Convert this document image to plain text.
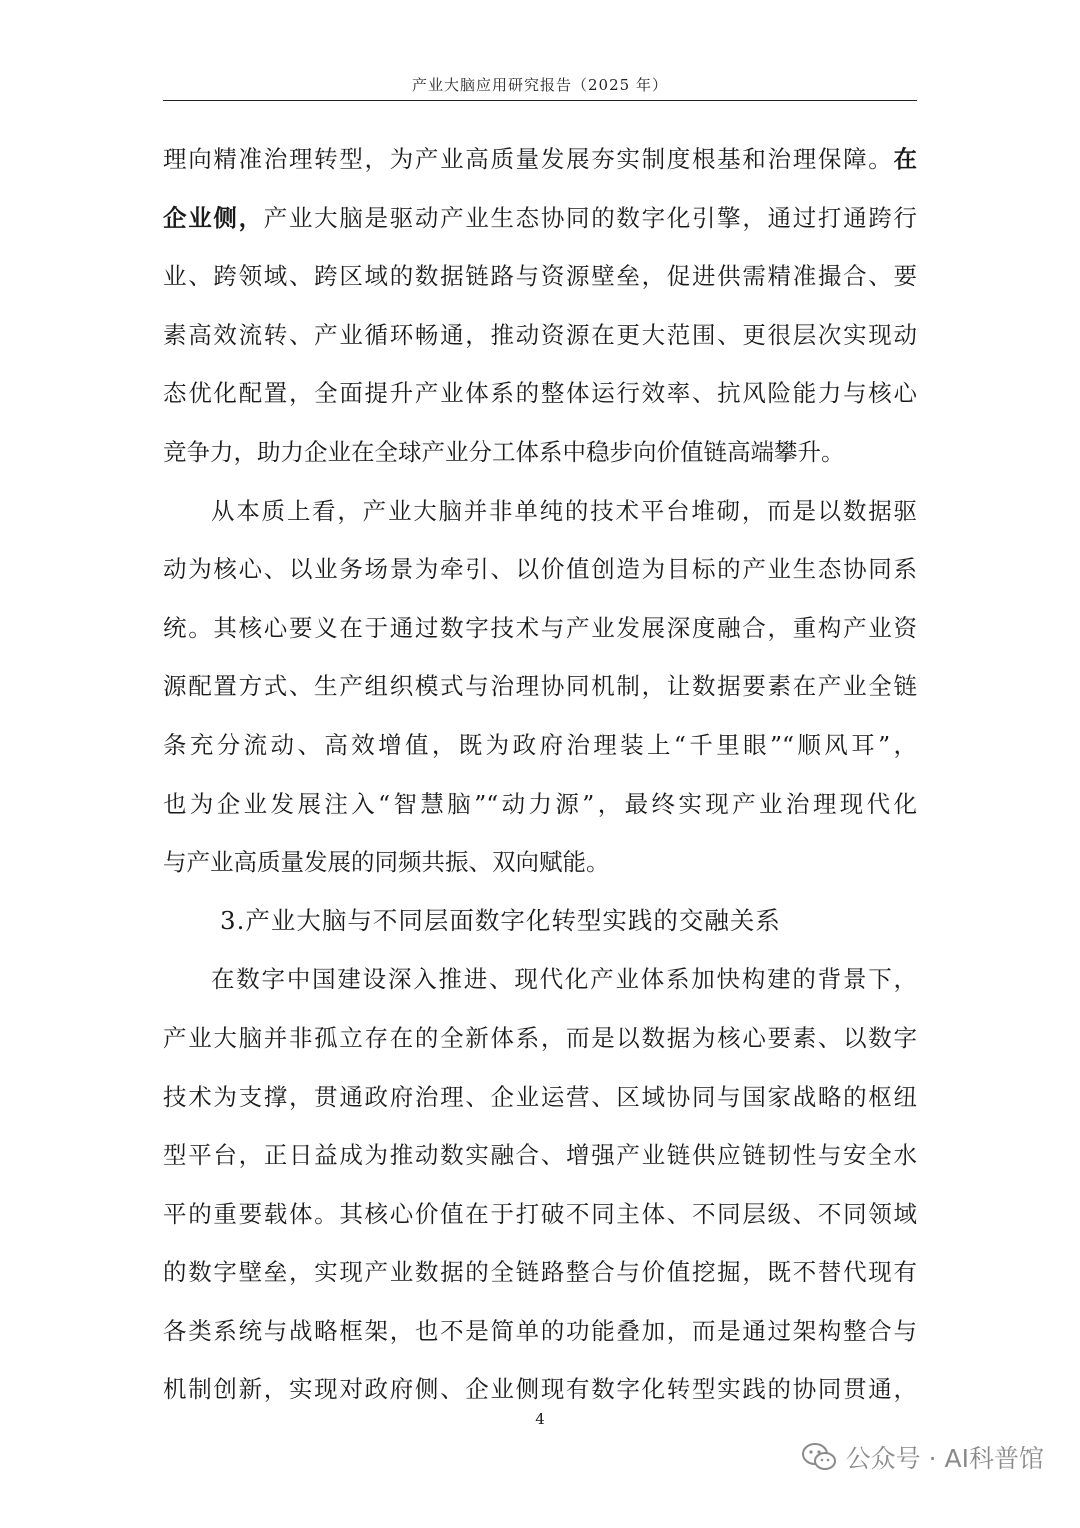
产业大脑应用研究报告（2025 年）
理向精准治理转型，为产业高质量发展夯实制度根基和治理保障。在
企业侧，产业大脑是驱动产业生态协同的数字化引擎，通过打通跨行
业、跨领域、跨区域的数据链路与资源壁垒，促进供需精准撮合、要
素高效流转、产业循环畅通，推动资源在更大范围、更很层次实现动
态优化配置，全面提升产业体系的整体运行效率、抗风险能力与核心
竞争力，助力企业在全球产业分工体系中稳步向价值链高端攀升。
从本质上看，产业大脑并非单纯的技术平台堆砌，而是以数据驱
动为核心、以业务场景为牵引、以价值创造为目标的产业生态协同系
统。其核心要义在于通过数字技术与产业发展深度融合，重构产业资
源配置方式、生产组织模式与治理协同机制，让数据要素在产业全链
条充分流动、高效增值，既为政府治理装上“千里眼”“顺风耳”，
也为企业发展注入“智慧脑”“动力源”，最终实现产业治理现代化
与产业高质量发展的同频共振、双向赋能。
3.产业大脑与不同层面数字化转型实践的交融关系
在数字中国建设深入推进、现代化产业体系加快构建的背景下，
产业大脑并非孤立存在的全新体系，而是以数据为核心要素、以数字
技术为支撑，贯通政府治理、企业运营、区域协同与国家战略的枢纽
型平台，正日益成为推动数实融合、增强产业链供应链韧性与安全水
平的重要载体。其核心价值在于打破不同主体、不同层级、不同领域
的数字壁垒，实现产业数据的全链路整合与价值挖掘，既不替代现有
各类系统与战略框架，也不是简单的功能叠加，而是通过架构整合与
机制创新，实现对政府侧、企业侧现有数字化转型实践的协同贯通，
4
公众号 · AI科普馆
